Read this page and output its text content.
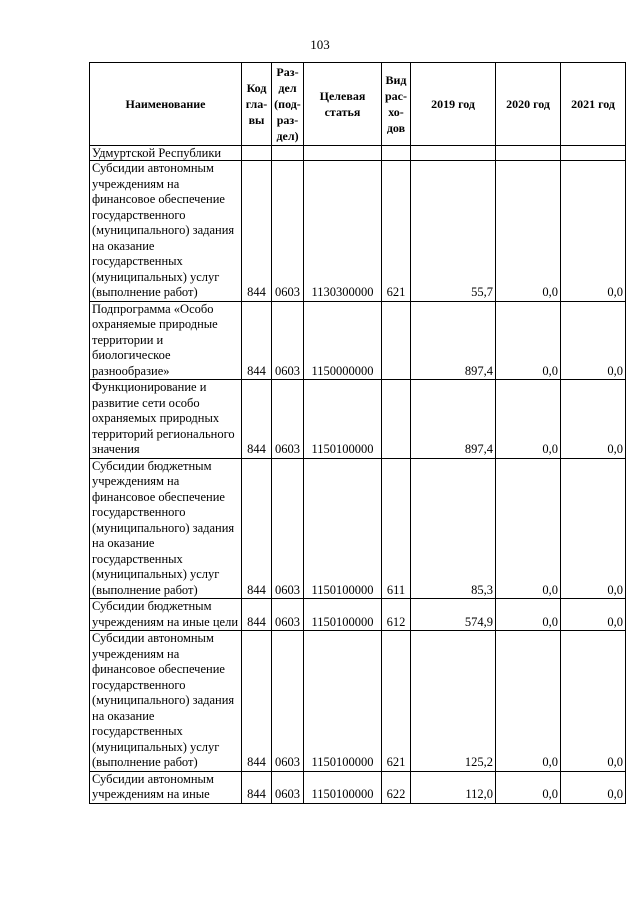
103
Наименование	Код гла-вы	Раз-дел (под-раз-дел)	Целевая статья	Вид рас-хо-дов	2019 год	2020 год	2021 год
Удмуртской Республики							
Субсидии автономным учреждениям на финансовое обеспечение государственного (муниципального) задания на оказание государственных (муниципальных) услуг (выполнение работ)	844	0603	1130300000	621	55,7	0,0	0,0
Подпрограмма «Особо охраняемые природные территории и биологическое разнообразие»	844	0603	1150000000		897,4	0,0	0,0
Функционирование и развитие сети особо охраняемых природных территорий регионального значения	844	0603	1150100000		897,4	0,0	0,0
Субсидии бюджетным учреждениям на финансовое обеспечение государственного (муниципального) задания на оказание государственных (муниципальных) услуг (выполнение работ)	844	0603	1150100000	611	85,3	0,0	0,0
Субсидии бюджетным учреждениям на иные цели	844	0603	1150100000	612	574,9	0,0	0,0
Субсидии автономным учреждениям на финансовое обеспечение государственного (муниципального) задания на оказание государственных (муниципальных) услуг (выполнение работ)	844	0603	1150100000	621	125,2	0,0	0,0
Субсидии автономным учреждениям на иные	844	0603	1150100000	622	112,0	0,0	0,0
